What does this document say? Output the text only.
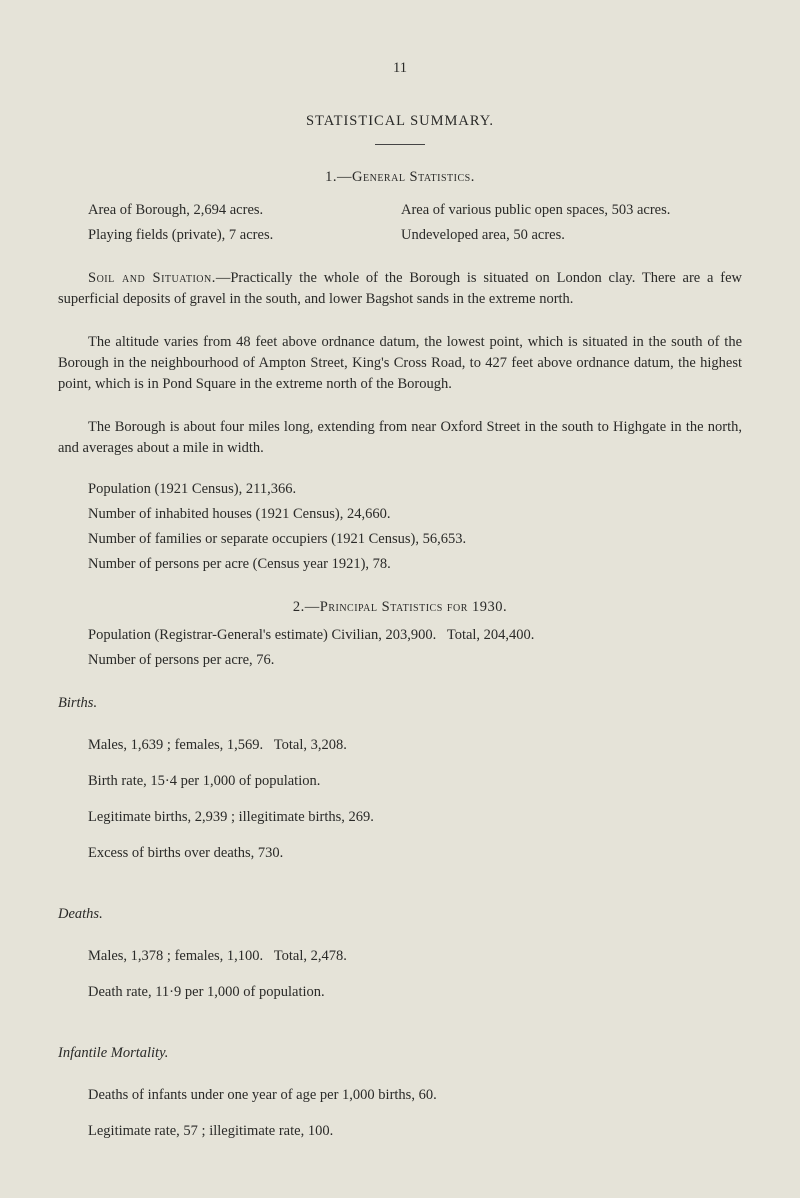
11
STATISTICAL SUMMARY.
1.—General Statistics.
Area of Borough, 2,694 acres.	Area of various public open spaces, 503 acres.
Playing fields (private), 7 acres.	Undeveloped area, 50 acres.
Soil and Situation.—Practically the whole of the Borough is situated on London clay. There are a few superficial deposits of gravel in the south, and lower Bagshot sands in the extreme north.
The altitude varies from 48 feet above ordnance datum, the lowest point, which is situated in the south of the Borough in the neighbourhood of Ampton Street, King's Cross Road, to 427 feet above ordnance datum, the highest point, which is in Pond Square in the extreme north of the Borough.
The Borough is about four miles long, extending from near Oxford Street in the south to Highgate in the north, and averages about a mile in width.
Population (1921 Census), 211,366.
Number of inhabited houses (1921 Census), 24,660.
Number of families or separate occupiers (1921 Census), 56,653.
Number of persons per acre (Census year 1921), 78.
2.—Principal Statistics for 1930.
Population (Registrar-General's estimate) Civilian, 203,900.   Total, 204,400.
Number of persons per acre, 76.
Births.

Males, 1,639 ; females, 1,569.   Total, 3,208.

Birth rate, 15·4 per 1,000 of population.

Legitimate births, 2,939 ; illegitimate births, 269.

Excess of births over deaths, 730.

Deaths.

Males, 1,378 ; females, 1,100.   Total, 2,478.

Death rate, 11·9 per 1,000 of population.

Infantile Mortality.

Deaths of infants under one year of age per 1,000 births, 60.

Legitimate rate, 57 ; illegitimate rate, 100.
